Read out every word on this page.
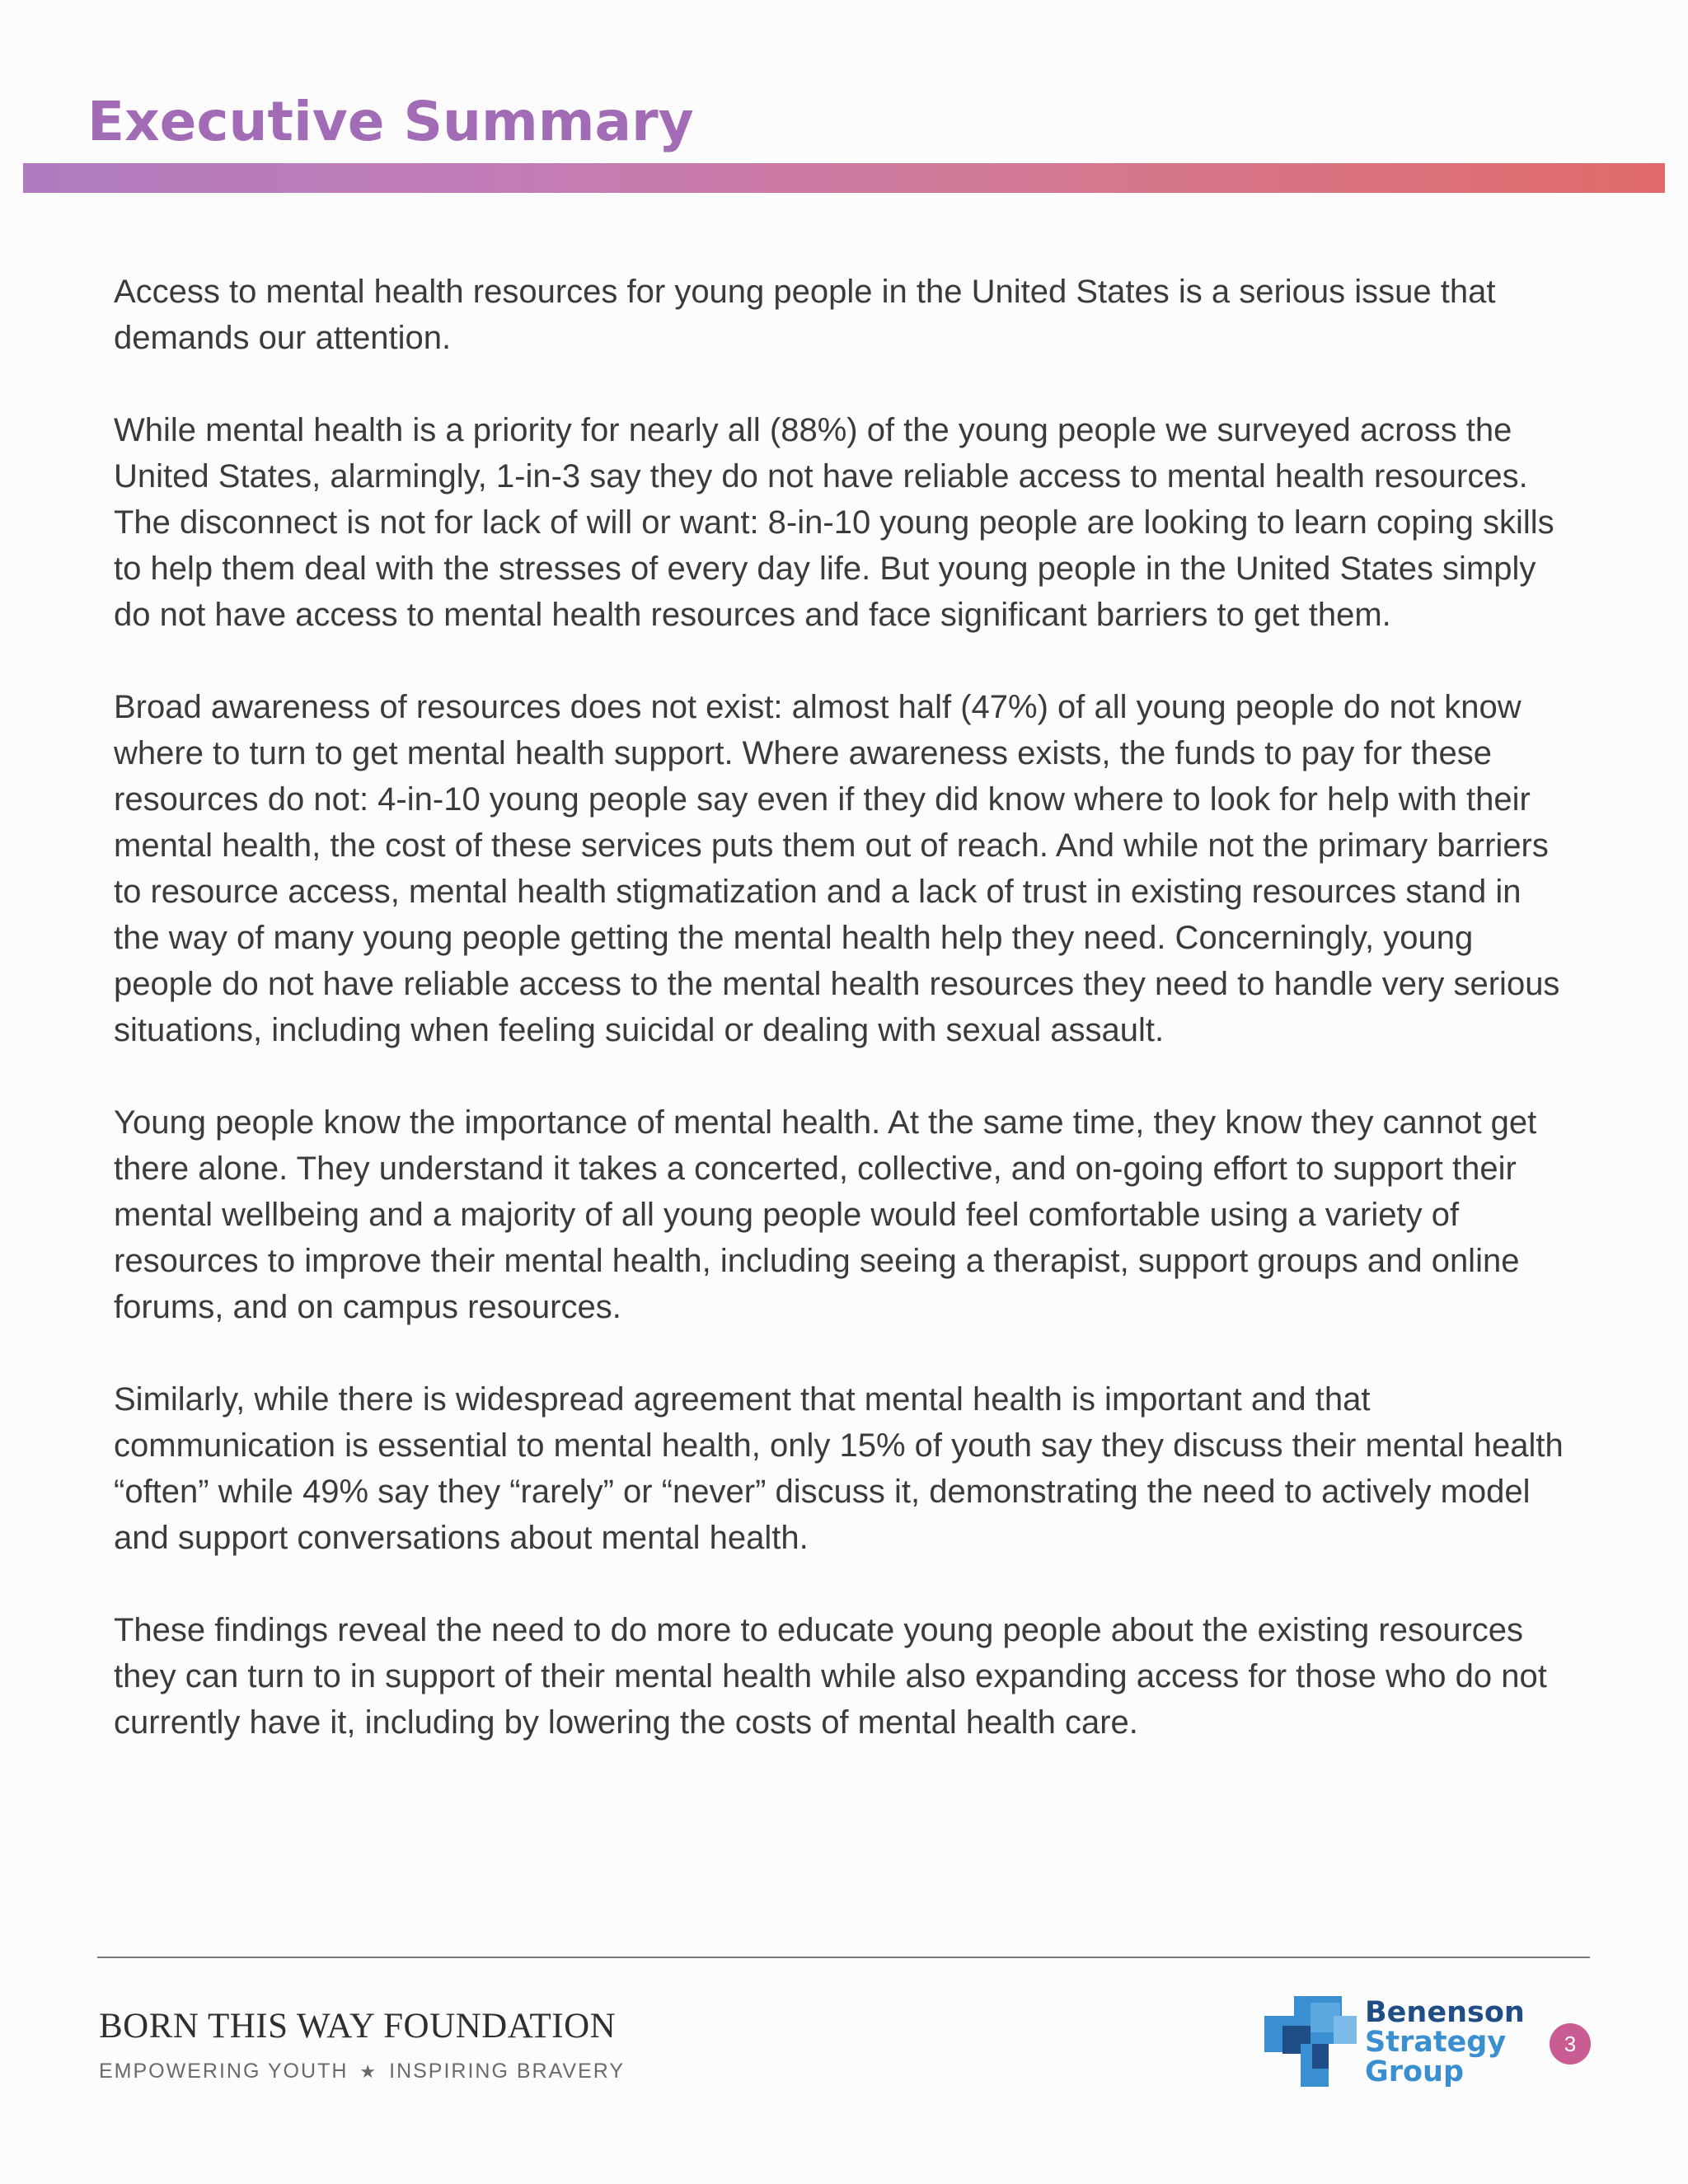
Executive Summary

Access to mental health resources for young people in the United States is a serious issue that demands our attention.

While mental health is a priority for nearly all (88%) of the young people we surveyed across the United States, alarmingly, 1-in-3 say they do not have reliable access to mental health resources. The disconnect is not for lack of will or want: 8-in-10 young people are looking to learn coping skills to help them deal with the stresses of every day life. But young people in the United States simply do not have access to mental health resources and face significant barriers to get them.

Broad awareness of resources does not exist: almost half (47%) of all young people do not know where to turn to get mental health support. Where awareness exists, the funds to pay for these resources do not: 4-in-10 young people say even if they did know where to look for help with their mental health, the cost of these services puts them out of reach. And while not the primary barriers to resource access, mental health stigmatization and a lack of trust in existing resources stand in the way of many young people getting the mental health help they need. Concerningly, young people do not have reliable access to the mental health resources they need to handle very serious situations, including when feeling suicidal or dealing with sexual assault.

Young people know the importance of mental health. At the same time, they know they cannot get there alone. They understand it takes a concerted, collective, and on-going effort to support their mental wellbeing and a majority of all young people would feel comfortable using a variety of resources to improve their mental health, including seeing a therapist, support groups and online forums, and on campus resources.

Similarly, while there is widespread agreement that mental health is important and that communication is essential to mental health, only 15% of youth say they discuss their mental health “often” while 49% say they “rarely” or “never” discuss it, demonstrating the need to actively model and support conversations about mental health.

These findings reveal the need to do more to educate young people about the existing resources they can turn to in support of their mental health while also expanding access for those who do not currently have it, including by lowering the costs of mental health care.

BORN THIS WAY FOUNDATION
EMPOWERING YOUTH ★ INSPIRING BRAVERY
Benenson
Strategy
Group
3
